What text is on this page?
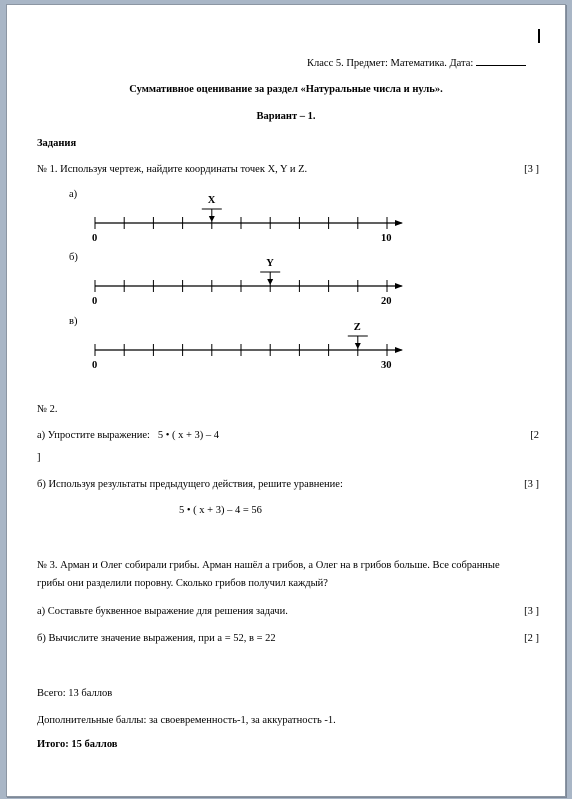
Класс 5. Предмет: Математика. Дата:
Суммативное оценивание за раздел «Натуральные числа и нуль».
Вариант – 1.
Задания
№ 1. Используя чертеж, найдите координаты точек X, Y и Z.	[3 ]
а)
0	10
X
б)
0	20
Y
в)
0	30
Z
№ 2.
а) Упростите выражение: 5 • ( x + 3) – 4	[2
]
б) Используя результаты предыдущего действия, решите уравнение:	[3 ]
5 • ( x + 3) – 4 = 56
№ 3. Арман и Олег собирали грибы. Арман нашёл a грибов, а Олег на в грибов больше. Все собранные
грибы они разделили поровну. Сколько грибов получил каждый?
а) Составьте буквенное выражение для решения задачи.	[3 ]
б) Вычислите значение выражения, при a = 52, в = 22	[2 ]
Всего: 13 баллов
Дополнительные баллы: за своевременность-1, за аккуратность -1.
Итого: 15 баллов
